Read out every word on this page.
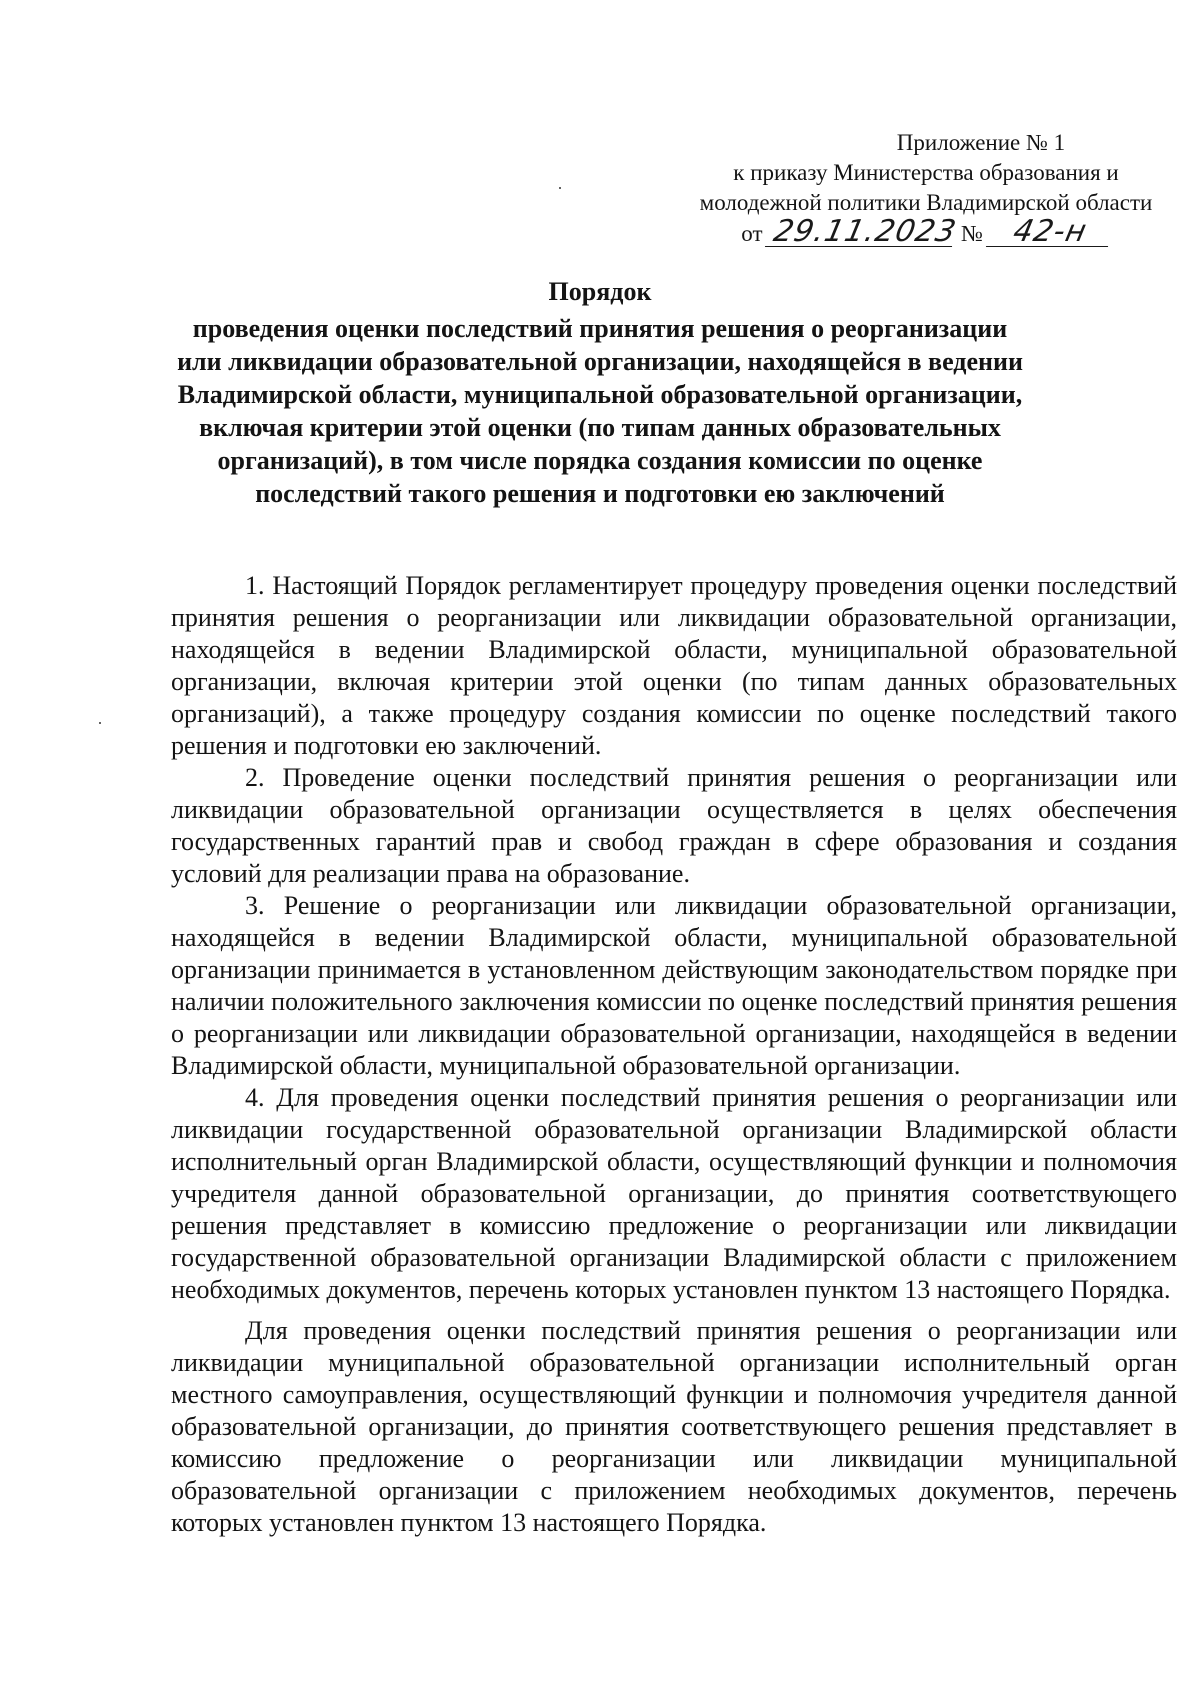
Приложение № 1
к приказу Министерства образования и
молодежной политики Владимирской области
от 29.11.2023 № 42-н
Порядок
проведения оценки последствий принятия решения о реорганизации или ликвидации образовательной организации, находящейся в ведении Владимирской области, муниципальной образовательной организации, включая критерии этой оценки (по типам данных образовательных организаций), в том числе порядка создания комиссии по оценке последствий такого решения и подготовки ею заключений

1. Настоящий Порядок регламентирует процедуру проведения оценки последствий принятия решения о реорганизации или ликвидации образовательной организации, находящейся в ведении Владимирской области, муниципальной образовательной организации, включая критерии этой оценки (по типам данных образовательных организаций), а также процедуру создания комиссии по оценке последствий такого решения и подготовки ею заключений.

2. Проведение оценки последствий принятия решения о реорганизации или ликвидации образовательной организации осуществляется в целях обеспечения государственных гарантий прав и свобод граждан в сфере образования и создания условий для реализации права на образование.

3. Решение о реорганизации или ликвидации образовательной организации, находящейся в ведении Владимирской области, муниципальной образовательной организации принимается в установленном действующим законодательством порядке при наличии положительного заключения комиссии по оценке последствий принятия решения о реорганизации или ликвидации образовательной организации, находящейся в ведении Владимирской области, муниципальной образовательной организации.

4. Для проведения оценки последствий принятия решения о реорганизации или ликвидации государственной образовательной организации Владимирской области исполнительный орган Владимирской области, осуществляющий функции и полномочия учредителя данной образовательной организации, до принятия соответствующего решения представляет в комиссию предложение о реорганизации или ликвидации государственной образовательной организации Владимирской области с приложением необходимых документов, перечень которых установлен пунктом 13 настоящего Порядка.

Для проведения оценки последствий принятия решения о реорганизации или ликвидации муниципальной образовательной организации исполнительный орган местного самоуправления, осуществляющий функции и полномочия учредителя данной образовательной организации, до принятия соответствующего решения представляет в комиссию предложение о реорганизации или ликвидации муниципальной образовательной организации с приложением необходимых документов, перечень которых установлен пунктом 13 настоящего Порядка.
